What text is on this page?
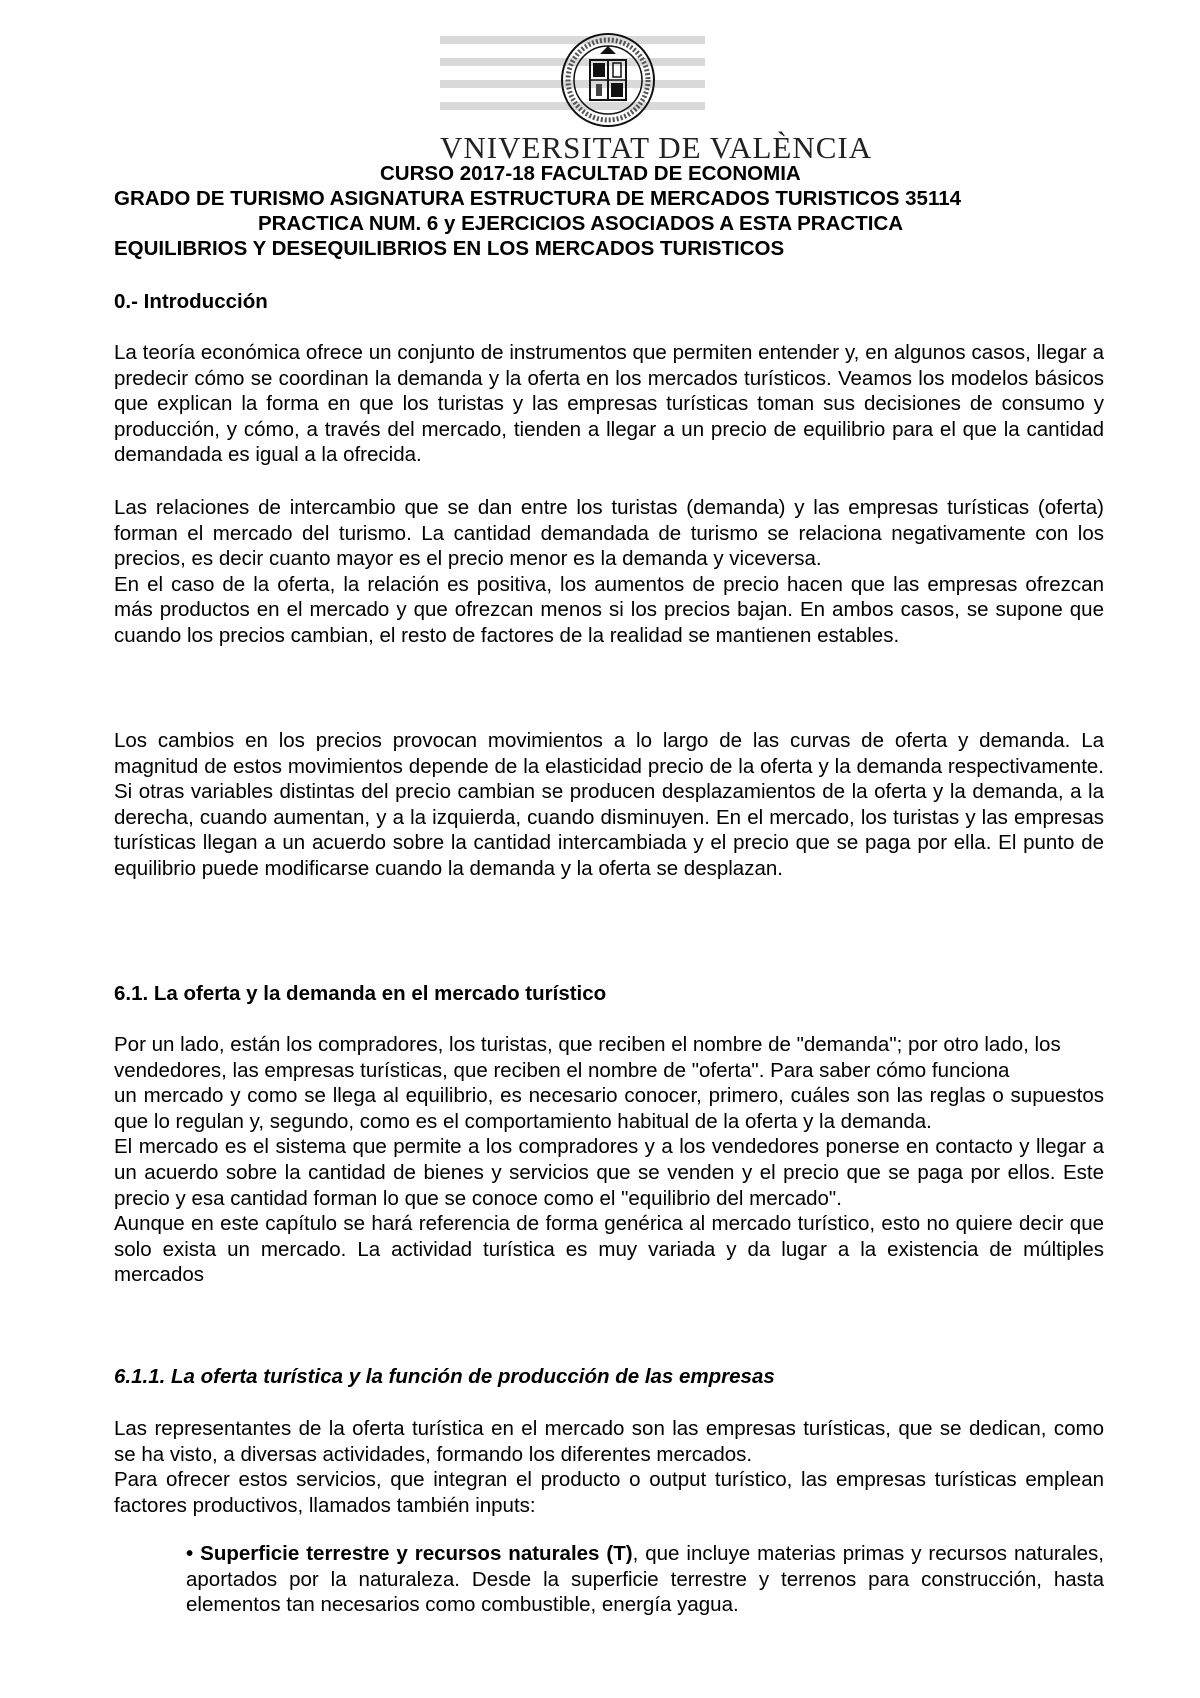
VNIVERSITAT DE VALÈNCIA
CURSO 2017-18 FACULTAD DE ECONOMIA
GRADO DE TURISMO ASIGNATURA ESTRUCTURA DE MERCADOS TURISTICOS 35114
PRACTICA NUM. 6 y EJERCICIOS ASOCIADOS A ESTA PRACTICA
EQUILIBRIOS Y DESEQUILIBRIOS EN LOS MERCADOS TURISTICOS
0.- Introducción

La teoría económica ofrece un conjunto de instrumentos que permiten entender y, en algunos casos, llegar a predecir cómo se coordinan la demanda y la oferta en los mercados turísticos. Veamos los modelos básicos que explican la forma en que los turistas y las empresas turísticas toman sus decisiones de consumo y producción, y cómo, a través del mercado, tienden a llegar a un precio de equilibrio para el que la cantidad demandada es igual a la ofrecida.

Las relaciones de intercambio que se dan entre los turistas (demanda) y las empresas turísticas (oferta) forman el mercado del turismo. La cantidad demandada de turismo se relaciona negativamente con los precios, es decir cuanto mayor es el precio menor es la demanda y viceversa.

En el caso de la oferta, la relación es positiva, los aumentos de precio hacen que las empresas ofrezcan más productos en el mercado y que ofrezcan menos si los precios bajan. En ambos casos, se supone que cuando los precios cambian, el resto de factores de la realidad se mantienen estables.

Los cambios en los precios provocan movimientos a lo largo de las curvas de oferta y demanda. La magnitud de estos movimientos depende de la elasticidad precio de la oferta y la demanda respectivamente. Si otras variables distintas del precio cambian se producen desplazamientos de la oferta y la demanda, a la derecha, cuando aumentan, y a la izquierda, cuando disminuyen. En el mercado, los turistas y las empresas turísticas llegan a un acuerdo sobre la cantidad intercambiada y el precio que se paga por ella. El punto de equilibrio puede modificarse cuando la demanda y la oferta se desplazan.

6.1. La oferta y la demanda en el mercado turístico

Por un lado, están los compradores, los turistas, que reciben el nombre de "demanda"; por otro lado, los vendedores, las empresas turísticas, que reciben el nombre de "oferta". Para saber cómo funciona

un mercado y como se llega al equilibrio, es necesario conocer, primero, cuáles son las reglas o supuestos que lo regulan y, segundo, como es el comportamiento habitual de la oferta y la demanda.

El mercado es el sistema que permite a los compradores y a los vendedores ponerse en contacto y llegar a un acuerdo sobre la cantidad de bienes y servicios que se venden y el precio que se paga por ellos. Este precio y esa cantidad forman lo que se conoce como el "equilibrio del mercado".

Aunque en este capítulo se hará referencia de forma genérica al mercado turístico, esto no quiere decir que solo exista un mercado. La actividad turística es muy variada y da lugar a la existencia de múltiples mercados

6.1.1. La oferta turística y la función de producción de las empresas

Las representantes de la oferta turística en el mercado son las empresas turísticas, que se dedican, como se ha visto, a diversas actividades, formando los diferentes mercados.

Para ofrecer estos servicios, que integran el producto o output turístico, las empresas turísticas emplean factores productivos, llamados también inputs:

• Superficie terrestre y recursos naturales (T), que incluye materias primas y recursos naturales, aportados por la naturaleza. Desde la superficie terrestre y terrenos para construcción, hasta elementos tan necesarios como combustible, energía yagua.
